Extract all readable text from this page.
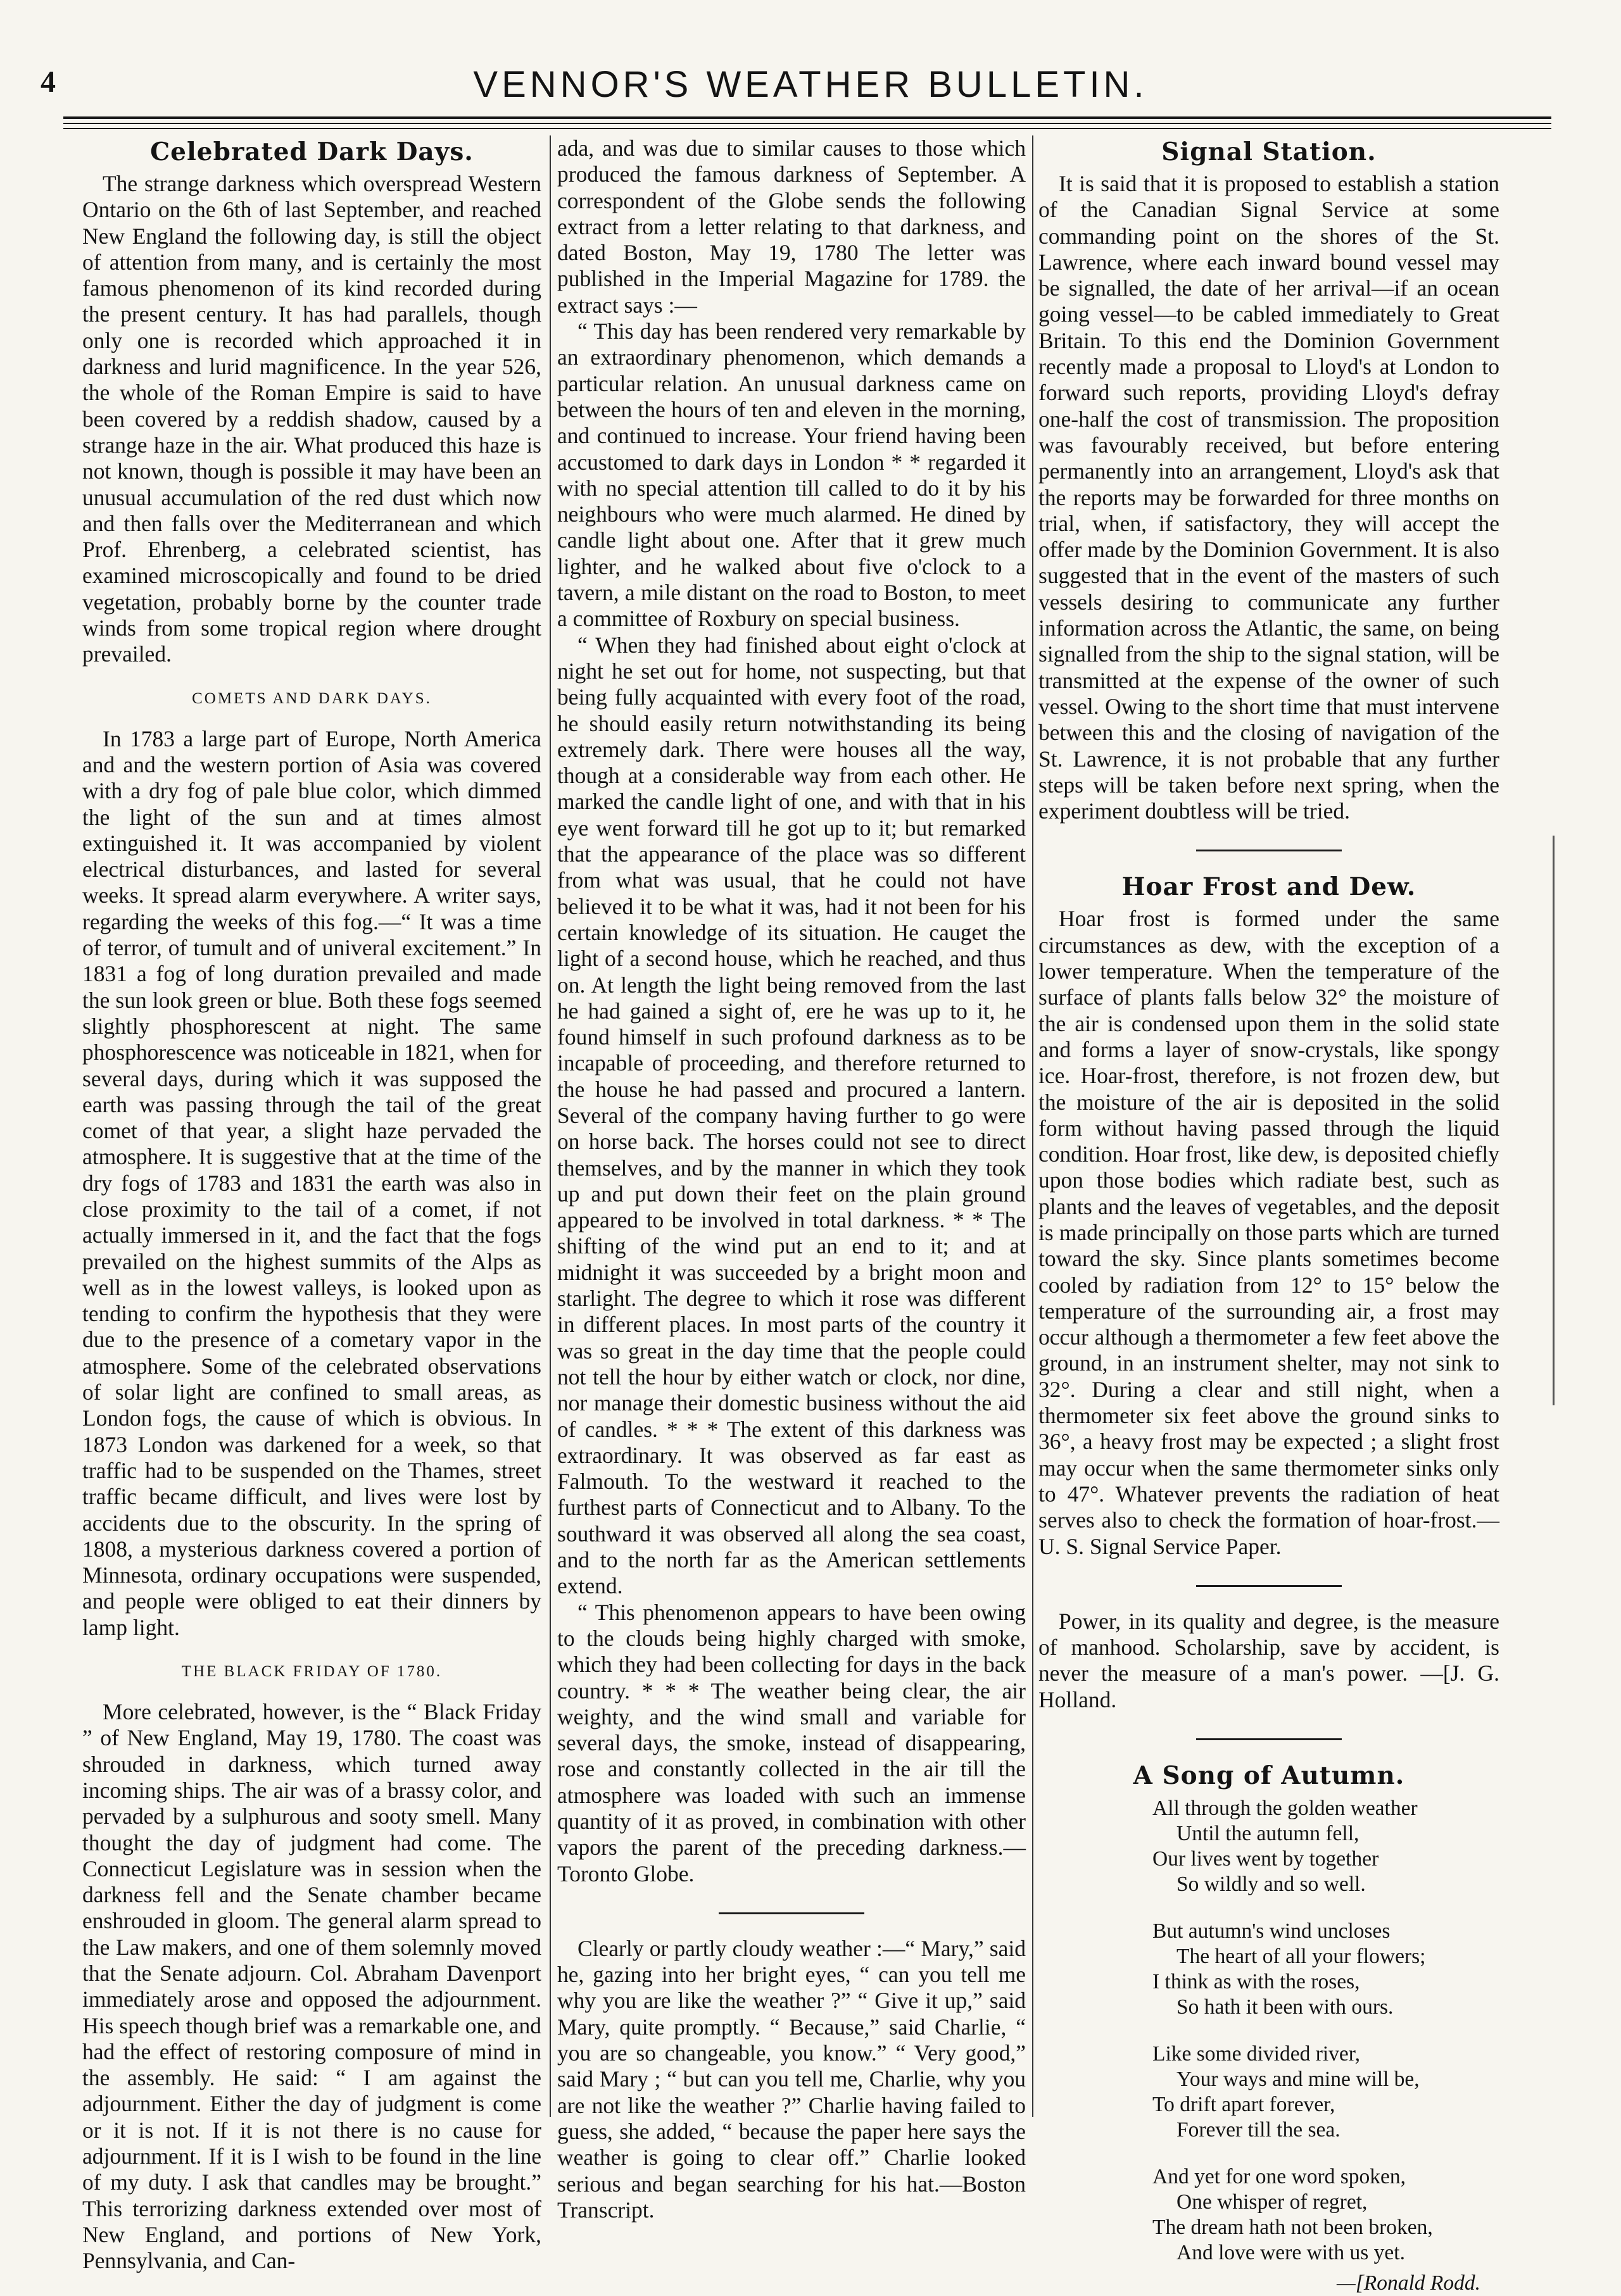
4	VENNOR'S WEATHER BULLETIN.
Celebrated Dark Days.

The strange darkness which overspread Western Ontario on the 6th of last September, and reached New England the following day, is still the object of attention from many, and is certainly the most famous phenomenon of its kind recorded during the present century. It has had parallels, though only one is recorded which approached it in darkness and lurid magnificence. In the year 526, the whole of the Roman Empire is said to have been covered by a reddish shadow, caused by a strange haze in the air. What produced this haze is not known, though is possible it may have been an unusual accumulation of the red dust which now and then falls over the Mediterranean and which Prof. Ehrenberg, a celebrated scientist, has examined microscopically and found to be dried vegetation, probably borne by the counter trade winds from some tropical region where drought prevailed.

COMETS AND DARK DAYS.

In 1783 a large part of Europe, North America and and the western portion of Asia was covered with a dry fog of pale blue color, which dimmed the light of the sun and at times almost extinguished it. It was accompanied by violent electrical disturbances, and lasted for several weeks. It spread alarm everywhere. A writer says, regarding the weeks of this fog.—“ It was a time of terror, of tumult and of univeral excitement.” In 1831 a fog of long duration prevailed and made the sun look green or blue. Both these fogs seemed slightly phosphorescent at night. The same phosphorescence was noticeable in 1821, when for several days, during which it was supposed the earth was passing through the tail of the great comet of that year, a slight haze pervaded the atmosphere. It is suggestive that at the time of the dry fogs of 1783 and 1831 the earth was also in close proximity to the tail of a comet, if not actually immersed in it, and the fact that the fogs prevailed on the highest summits of the Alps as well as in the lowest valleys, is looked upon as tending to confirm the hypothesis that they were due to the presence of a cometary vapor in the atmosphere. Some of the celebrated observations of solar light are confined to small areas, as London fogs, the cause of which is obvious. In 1873 London was darkened for a week, so that traffic had to be suspended on the Thames, street traffic became difficult, and lives were lost by accidents due to the obscurity. In the spring of 1808, a mysterious darkness covered a portion of Minnesota, ordinary occupations were suspended, and people were obliged to eat their dinners by lamp light.

THE BLACK FRIDAY OF 1780.

More celebrated, however, is the “ Black Friday ” of New England, May 19, 1780. The coast was shrouded in darkness, which turned away incoming ships. The air was of a brassy color, and pervaded by a sulphurous and sooty smell. Many thought the day of judgment had come. The Connecticut Legislature was in session when the darkness fell and the Senate chamber became enshrouded in gloom. The general alarm spread to the Law makers, and one of them solemnly moved that the Senate adjourn. Col. Abraham Davenport immediately arose and opposed the adjournment. His speech though brief was a remarkable one, and had the effect of restoring composure of mind in the assembly. He said: “ I am against the adjournment. Either the day of judgment is come or it is not. If it is not there is no cause for adjournment. If it is I wish to be found in the line of my duty. I ask that candles may be brought.” This terrorizing darkness extended over most of New England, and portions of New York, Pennsylvania, and Can-

ada, and was due to similar causes to those which produced the famous darkness of September. A correspondent of the Globe sends the following extract from a letter relating to that darkness, and dated Boston, May 19, 1780 The letter was published in the Imperial Magazine for 1789. the extract says :—

“ This day has been rendered very remarkable by an extraordinary phenomenon, which demands a particular relation. An unusual darkness came on between the hours of ten and eleven in the morning, and continued to increase. Your friend having been accustomed to dark days in London * * regarded it with no special attention till called to do it by his neighbours who were much alarmed. He dined by candle light about one. After that it grew much lighter, and he walked about five o'clock to a tavern, a mile distant on the road to Boston, to meet a committee of Roxbury on special business.

“ When they had finished about eight o'clock at night he set out for home, not suspecting, but that being fully acquainted with every foot of the road, he should easily return notwithstanding its being extremely dark. There were houses all the way, though at a considerable way from each other. He marked the candle light of one, and with that in his eye went forward till he got up to it; but remarked that the appearance of the place was so different from what was usual, that he could not have believed it to be what it was, had it not been for his certain knowledge of its situation. He cauget the light of a second house, which he reached, and thus on. At length the light being removed from the last he had gained a sight of, ere he was up to it, he found himself in such profound darkness as to be incapable of proceeding, and therefore returned to the house he had passed and procured a lantern. Several of the company having further to go were on horse back. The horses could not see to direct themselves, and by the manner in which they took up and put down their feet on the plain ground appeared to be involved in total darkness. * * The shifting of the wind put an end to it; and at midnight it was succeeded by a bright moon and starlight. The degree to which it rose was different in different places. In most parts of the country it was so great in the day time that the people could not tell the hour by either watch or clock, nor dine, nor manage their domestic business without the aid of candles. * * * The extent of this darkness was extraordinary. It was observed as far east as Falmouth. To the westward it reached to the furthest parts of Connecticut and to Albany. To the southward it was observed all along the sea coast, and to the north far as the American settlements extend.

“ This phenomenon appears to have been owing to the clouds being highly charged with smoke, which they had been collecting for days in the back country. * * * The weather being clear, the air weighty, and the wind small and variable for several days, the smoke, instead of disappearing, rose and constantly collected in the air till the atmosphere was loaded with such an immense quantity of it as proved, in combination with other vapors the parent of the preceding darkness.—Toronto Globe.

Clearly or partly cloudy weather :—“ Mary,” said he, gazing into her bright eyes, “ can you tell me why you are like the weather ?” “ Give it up,” said Mary, quite promptly. “ Because,” said Charlie, “ you are so changeable, you know.” “ Very good,” said Mary ; “ but can you tell me, Charlie, why you are not like the weather ?” Charlie having failed to guess, she added, “ because the paper here says the weather is going to clear off.” Charlie looked serious and began searching for his hat.—Boston Transcript.

Signal Station.

It is said that it is proposed to establish a station of the Canadian Signal Service at some commanding point on the shores of the St. Lawrence, where each inward bound vessel may be signalled, the date of her arrival—if an ocean going vessel—to be cabled immediately to Great Britain. To this end the Dominion Government recently made a proposal to Lloyd's at London to forward such reports, providing Lloyd's defray one-half the cost of transmission. The proposition was favourably received, but before entering permanently into an arrangement, Lloyd's ask that the reports may be forwarded for three months on trial, when, if satisfactory, they will accept the offer made by the Dominion Government. It is also suggested that in the event of the masters of such vessels desiring to communicate any further information across the Atlantic, the same, on being signalled from the ship to the signal station, will be transmitted at the expense of the owner of such vessel. Owing to the short time that must intervene between this and the closing of navigation of the St. Lawrence, it is not probable that any further steps will be taken before next spring, when the experiment doubtless will be tried.

Hoar Frost and Dew.

Hoar frost is formed under the same circumstances as dew, with the exception of a lower temperature. When the temperature of the surface of plants falls below 32° the moisture of the air is condensed upon them in the solid state and forms a layer of snow-crystals, like spongy ice. Hoar-frost, therefore, is not frozen dew, but the moisture of the air is deposited in the solid form without having passed through the liquid condition. Hoar frost, like dew, is deposited chiefly upon those bodies which radiate best, such as plants and the leaves of vegetables, and the deposit is made principally on those parts which are turned toward the sky. Since plants sometimes become cooled by radiation from 12° to 15° below the temperature of the surrounding air, a frost may occur although a thermometer a few feet above the ground, in an instrument shelter, may not sink to 32°. During a clear and still night, when a thermometer six feet above the ground sinks to 36°, a heavy frost may be expected ; a slight frost may occur when the same thermometer sinks only to 47°. Whatever prevents the radiation of heat serves also to check the formation of hoar-frost.—U. S. Signal Service Paper.

Power, in its quality and degree, is the measure of manhood. Scholarship, save by accident, is never the measure of a man's power. —[J. G. Holland.

A Song of Autumn.
All through the golden weather
Until the autumn fell,
Our lives went by together
So wildly and so well.
But autumn's wind uncloses
The heart of all your flowers;
I think as with the roses,
So hath it been with ours.
Like some divided river,
Your ways and mine will be,
To drift apart forever,
Forever till the sea.
And yet for one word spoken,
One whisper of regret,
The dream hath not been broken,
And love were with us yet.
—[Ronald Rodd.
